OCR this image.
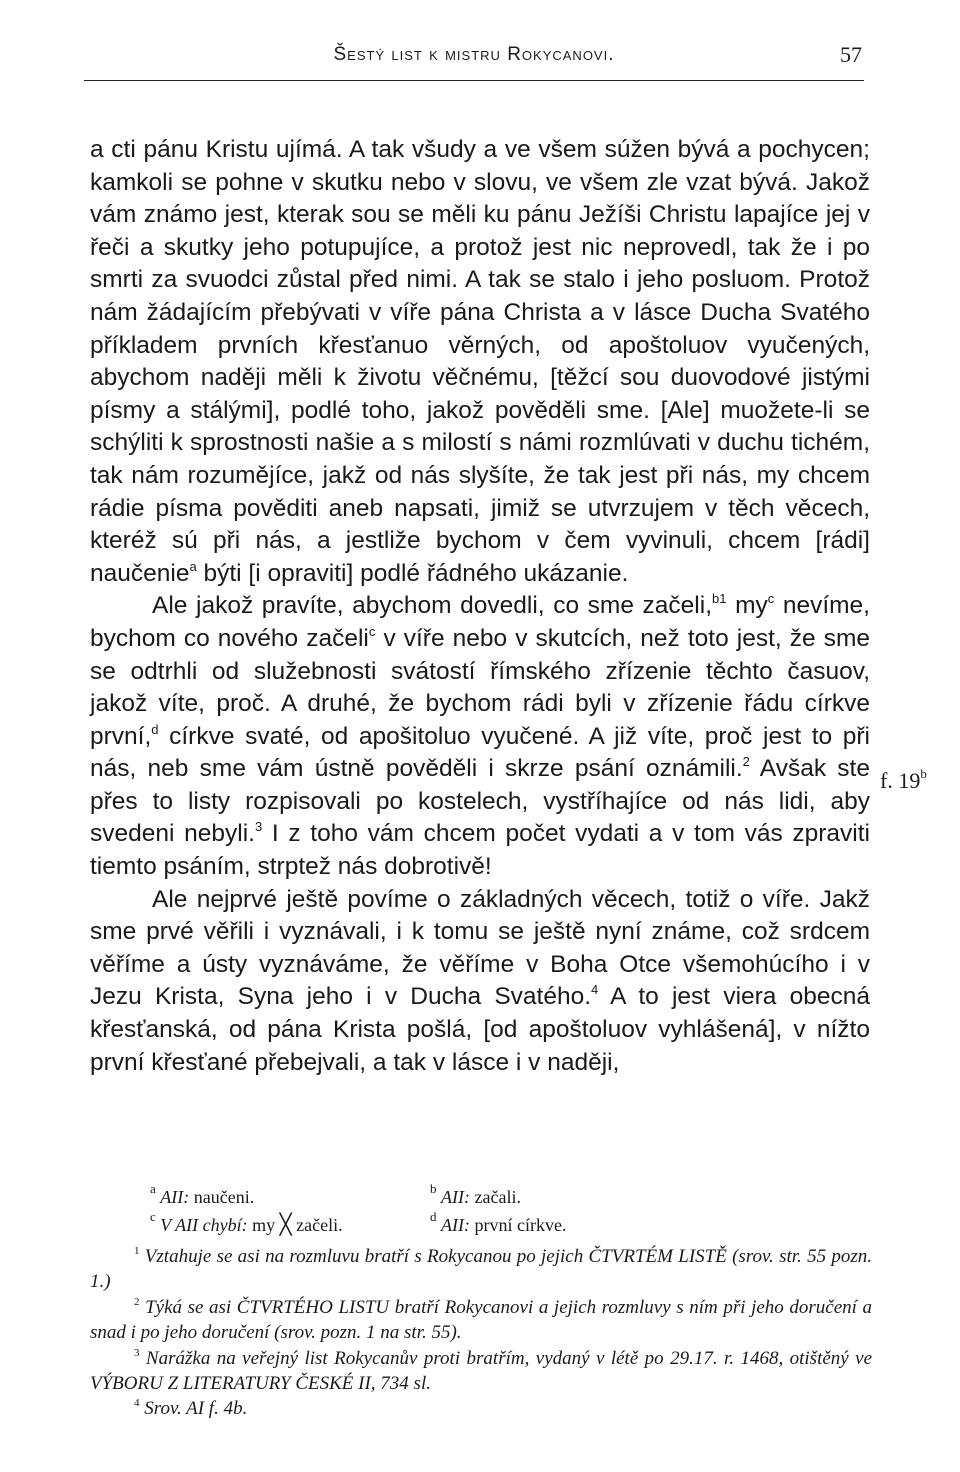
Šestý list k mistru Rokycanovi.	57

a cti pánu Kristu ujímá. A tak všudy a ve všem súžen bývá a pochycen; kamkoli se pohne v skutku nebo v slovu, ve všem zle vzat bývá. Jakož vám známo jest, kterak sou se měli ku pánu Ježíši Christu lapajíce jej v řeči a skutky jeho potupujíce, a protož jest nic neprovedl, tak že i po smrti za svuodci zůstal před nimi. A tak se stalo i jeho posluom. Protož nám žádajícím přebývati v víře pána Christa a v lásce Ducha Svatého příkladem prvních křesťanuo věrných, od apoštoluov vyučených, abychom naději měli k životu věčnému, [těžcí sou duovodové jistými písmy a stálými], podlé toho, jakož pověděli sme. [Ale] muožete-li se schýliti k sprostnosti našie a s milostí s námi rozmlúvati v duchu tichém, tak nám rozumějíce, jakž od nás slyšíte, že tak jest při nás, my chcem rádie písma pověditi aneb napsati, jimiž se utvrzujem v těch věcech, kteréž sú při nás, a jestliže bychom v čem vyvinuli, chcem [rádi] naučenie$^a$ býti [i opraviti] podlé řádného ukázanie.

Ale jakož pravíte, abychom dovedli, co sme začeli,$^{b1}$ $my^c$ nevíme, bychom co nového začeli$^c$ v víře nebo v skutcích, než toto jest, že sme se odtrhli od služebnosti svátostí římského zřízenie těchto časuov, jakož víte, proč. A druhé, že bychom rádi byli v zřízenie řádu církve první,$^d$ církve svaté, od apošitoluo vyučené. A již víte, proč jest to při nás, neb sme vám ústně pověděli i skrze psání oznámili.$^2$ Avšak ste přes to listy rozpisovali po kostelech, vystříhajíce od nás lidi, aby svedeni nebyli.$^3$ I z toho vám chcem počet vydati a v tom vás zpraviti tiemto psáním, strptež nás dobrotivě!

Ale nejprvé ještě povíme o základných věcech, totiž o víře. Jakž sme prvé věřili i vyznávali, i k tomu se ještě nyní známe, což srdcem věříme a ústy vyznáváme, že věříme v Boha Otce všemohúcího i v Jezu Krista, Syna jeho i v Ducha Svatého.$^4$ A to jest viera obecná křesťanská, od pána Krista pošlá, [od apoštoluov vyhlášená], v nížto první křesťané přebejvali, a tak v lásce i v naději,

f. 19$^b$
$^a$ AII: naučeni.	$^b$ AII: začali.
$^c$ V AII chybí: my ╳ začeli.	$^d$ AII: první církve.

$^1$ Vztahuje se asi na rozmluvu bratří s Rokycanou po jejich ČTVRTÉM LISTĚ (srov. str. 55 pozn. 1.)

$^2$ Týká se asi ČTVRTÉHO LISTU bratří Rokycanovi a jejich rozmluvy s ním při jeho doručení a snad i po jeho doručení (srov. pozn. 1 na str. 55).

$^3$ Narážka na veřejný list Rokycanův proti bratřím, vydaný v létě po 29.17. r. 1468, otištěný ve VÝBORU Z LITERATURY ČESKÉ II, 734 sl.

$^4$ Srov. AI f. 4b.
